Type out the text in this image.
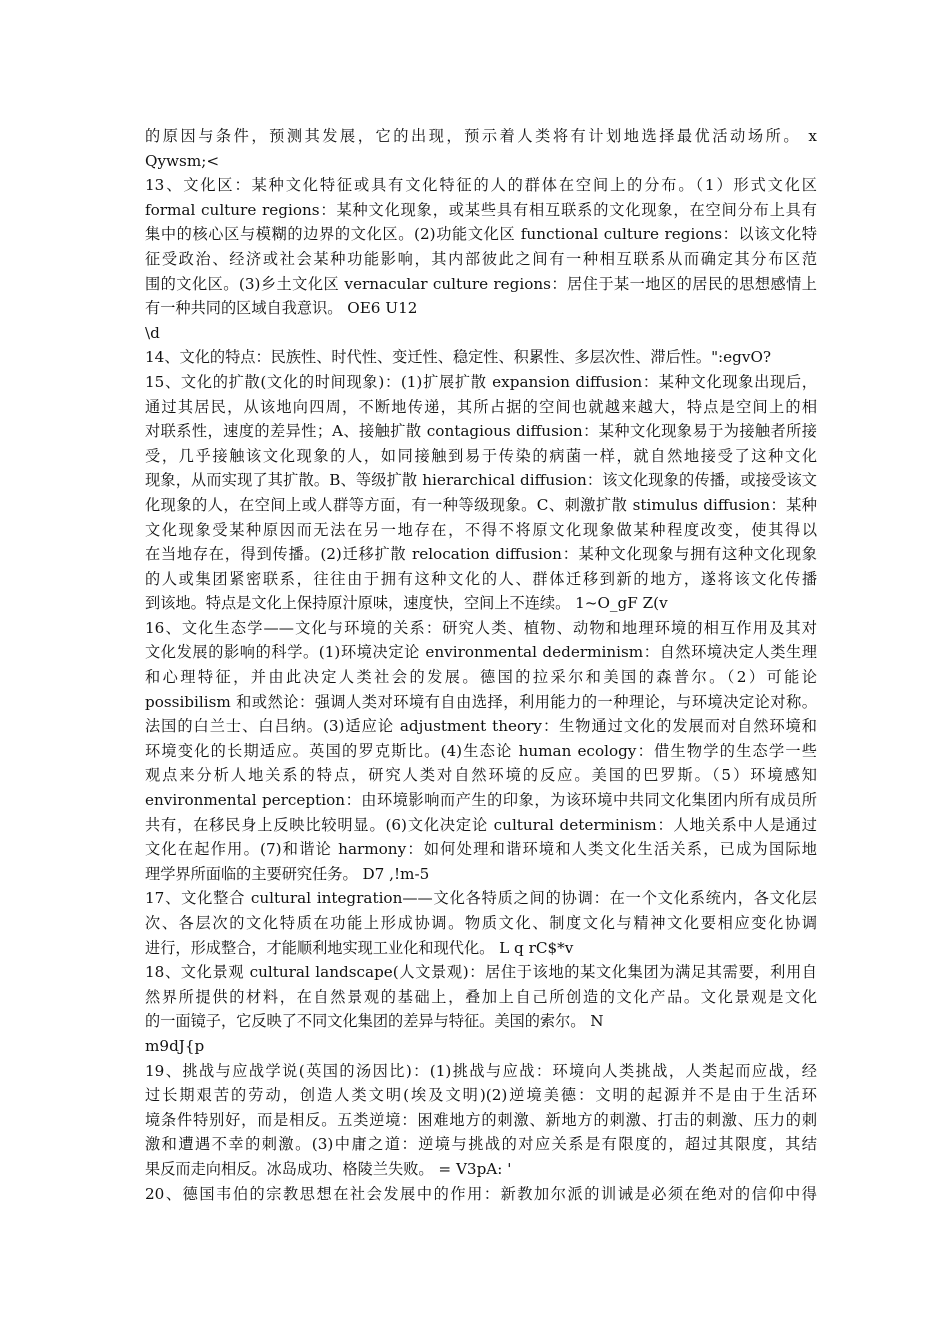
的原因与条件，预测其发展，它的出现，预示着人类将有计划地选择最优活动场所。 x
Qywsm;<
13、文化区：某种文化特征或具有文化特征的人的群体在空间上的分布。（1）形式文化区
formal culture regions：某种文化现象，或某些具有相互联系的文化现象，在空间分布上具有
集中的核心区与模糊的边界的文化区。(2)功能文化区 functional culture regions：以该文化特
征受政治、经济或社会某种功能影响，其内部彼此之间有一种相互联系从而确定其分布区范
围的文化区。(3)乡土文化区 vernacular culture regions：居住于某一地区的居民的思想感情上
有一种共同的区域自我意识。 OE6 U12
\d
14、文化的特点：民族性、时代性、变迁性、稳定性、积累性、多层次性、滞后性。":egvO?
15、文化的扩散(文化的时间现象)：(1)扩展扩散 expansion diffusion：某种文化现象出现后，
通过其居民，从该地向四周，不断地传递，其所占据的空间也就越来越大，特点是空间上的相
对联系性，速度的差异性；A、接触扩散 contagious diffusion：某种文化现象易于为接触者所接
受，几乎接触该文化现象的人，如同接触到易于传染的病菌一样，就自然地接受了这种文化
现象，从而实现了其扩散。B、等级扩散 hierarchical diffusion：该文化现象的传播，或接受该文
化现象的人，在空间上或人群等方面，有一种等级现象。C、刺激扩散 stimulus diffusion：某种
文化现象受某种原因而无法在另一地存在，不得不将原文化现象做某种程度改变，使其得以
在当地存在，得到传播。(2)迁移扩散 relocation diffusion：某种文化现象与拥有这种文化现象
的人或集团紧密联系，往往由于拥有这种文化的人、群体迁移到新的地方，遂将该文化传播
到该地。特点是文化上保持原汁原味，速度快，空间上不连续。 1~O_gF Z(v
16、文化生态学——文化与环境的关系：研究人类、植物、动物和地理环境的相互作用及其对
文化发展的影响的科学。(1)环境决定论 environmental dederminism：自然环境决定人类生理
和心理特征，并由此决定人类社会的发展。德国的拉采尔和美国的森普尔。（2）可能论
possibilism 和或然论：强调人类对环境有自由选择，利用能力的一种理论，与环境决定论对称。
法国的白兰士、白吕纳。(3)适应论 adjustment theory：生物通过文化的发展而对自然环境和
环境变化的长期适应。英国的罗克斯比。(4)生态论 human ecology：借生物学的生态学一些
观点来分析人地关系的特点，研究人类对自然环境的反应。美国的巴罗斯。（5）环境感知
environmental perception：由环境影响而产生的印象，为该环境中共同文化集团内所有成员所
共有，在移民身上反映比较明显。(6)文化决定论 cultural determinism：人地关系中人是通过
文化在起作用。(7)和谐论 harmony：如何处理和谐环境和人类文化生活关系，已成为国际地
理学界所面临的主要研究任务。 D7 ,!m-5
17、文化整合 cultural integration——文化各特质之间的协调：在一个文化系统内，各文化层
次、各层次的文化特质在功能上形成协调。物质文化、制度文化与精神文化要相应变化协调
进行，形成整合，才能顺利地实现工业化和现代化。 L q rC$*v
18、文化景观 cultural landscape(人文景观)：居住于该地的某文化集团为满足其需要，利用自
然界所提供的材料，在自然景观的基础上，叠加上自己所创造的文化产品。文化景观是文化
的一面镜子，它反映了不同文化集团的差异与特征。美国的索尔。 N
m9dJ{p
19、挑战与应战学说(英国的汤因比)：(1)挑战与应战：环境向人类挑战，人类起而应战，经
过长期艰苦的劳动，创造人类文明(埃及文明)(2)逆境美德：文明的起源并不是由于生活环
境条件特别好，而是相反。五类逆境：困难地方的刺激、新地方的刺激、打击的刺激、压力的刺
激和遭遇不幸的刺激。(3)中庸之道：逆境与挑战的对应关系是有限度的，超过其限度，其结
果反而走向相反。冰岛成功、格陵兰失败。 = V3pA: '
20、德国韦伯的宗教思想在社会发展中的作用：新教加尔派的训诫是必须在绝对的信仰中得
